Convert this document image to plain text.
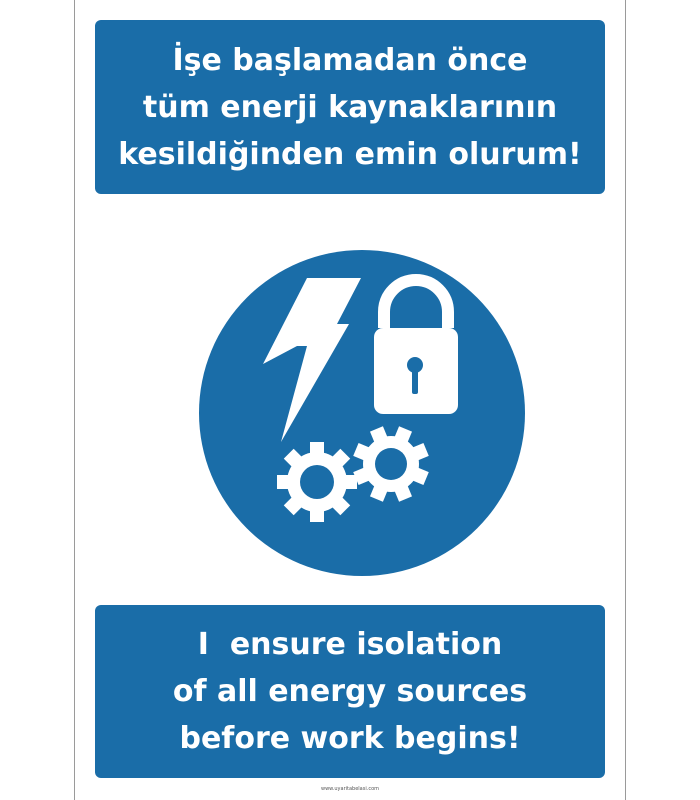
İşe başlamadan önce
tüm enerji kaynaklarının
kesildiğinden emin olurum!
I  ensure isolation
of all energy sources
before work begins!
www.uyaritabelasi.com
